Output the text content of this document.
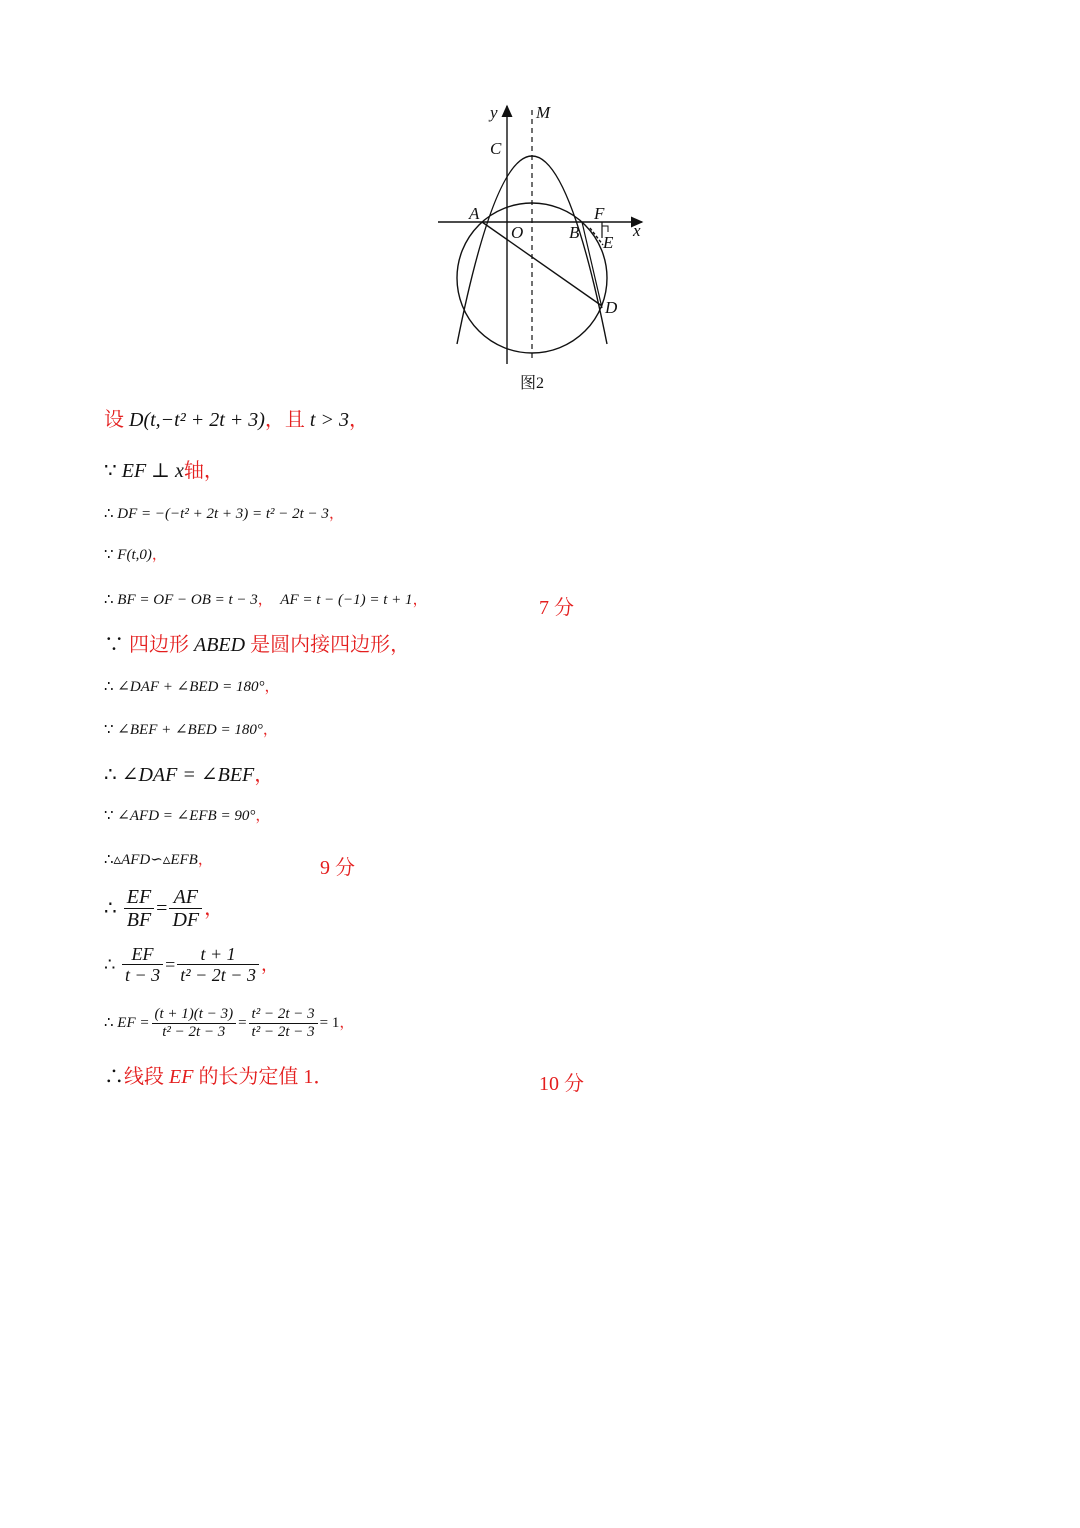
y M
C
A	F
O	B
E
x
D
图2
设 D(t,−t² + 2t + 3)，且 t > 3，
∵ EF ⊥ x轴，
∴ DF = −(−t² + 2t + 3) = t² − 2t − 3，
∵ F(t,0)，
∴ BF = OF − OB = t − 3， AF = t − (−1) = t + 1，	7 分
∵ 四边形 ABED 是圆内接四边形，
∴ ∠DAF + ∠BED = 180°，
∵ ∠BEF + ∠BED = 180°，
∴ ∠DAF = ∠BEF，
∵ ∠AFD = ∠EFB = 90°，
∴▵AFD∽▵EFB，	9 分
∴ $\frac{EF}{BF} = \frac{AF}{DF}$ ，
∴ $\frac{EF}{t - 3} = \frac{t + 1}{\text{t² − 2t − 3}}$ ，
∴ EF = $\frac{(t + 1)(t - 3)}{\text{t² − 2t − 3}} = \frac{\text{t² − 2t − 3}}{\text{t² − 2t − 3}} = 1$，
∴线段 EF 的长为定值 1．	10 分
